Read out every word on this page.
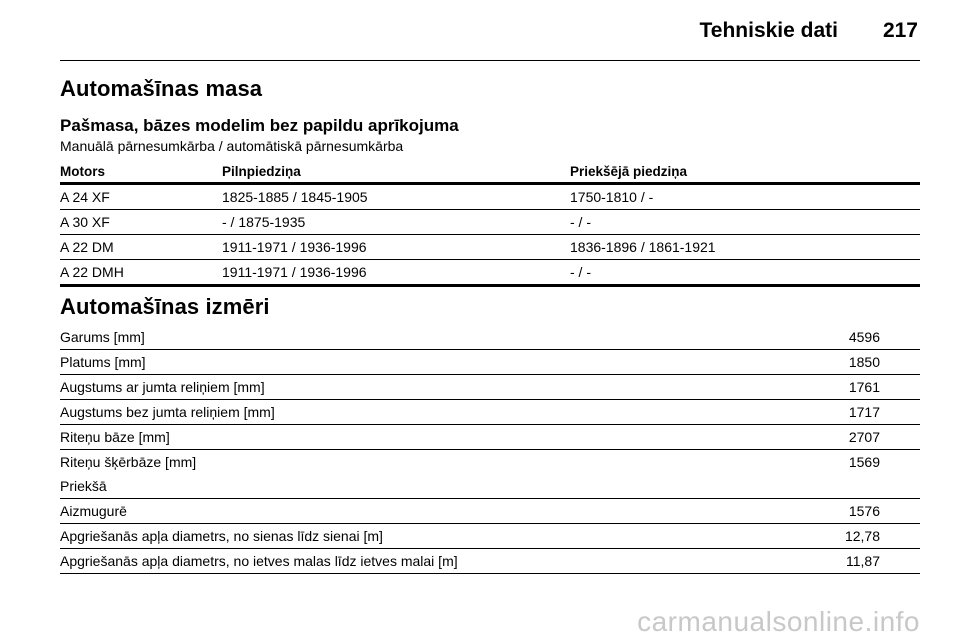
Tehniskie dati 217
Automašīnas masa
Pašmasa, bāzes modelim bez papildu aprīkojuma
Manuālā pārnesumkārba / automātiskā pārnesumkārba
Motors	Pilnpiedziņa	Priekšējā piedziņa
A 24 XF	1825-1885 / 1845-1905	1750-1810 / -
A 30 XF	- / 1875-1935	- / -
A 22 DM	1911-1971 / 1936-1996	1836-1896 / 1861-1921
A 22 DMH	1911-1971 / 1936-1996	- / -
Automašīnas izmēri
Garums [mm]	4596
Platums [mm]	1850
Augstums ar jumta reliņiem [mm]	1761
Augstums bez jumta reliņiem [mm]	1717
Riteņu bāze [mm]	2707
Riteņu šķērbāze [mm]	1569
Priekšā	
Aizmugurē	1576
Apgriešanās apļa diametrs, no sienas līdz sienai [m]	12,78
Apgriešanās apļa diametrs, no ietves malas līdz ietves malai [m]	11,87
carmanualsonline.info
